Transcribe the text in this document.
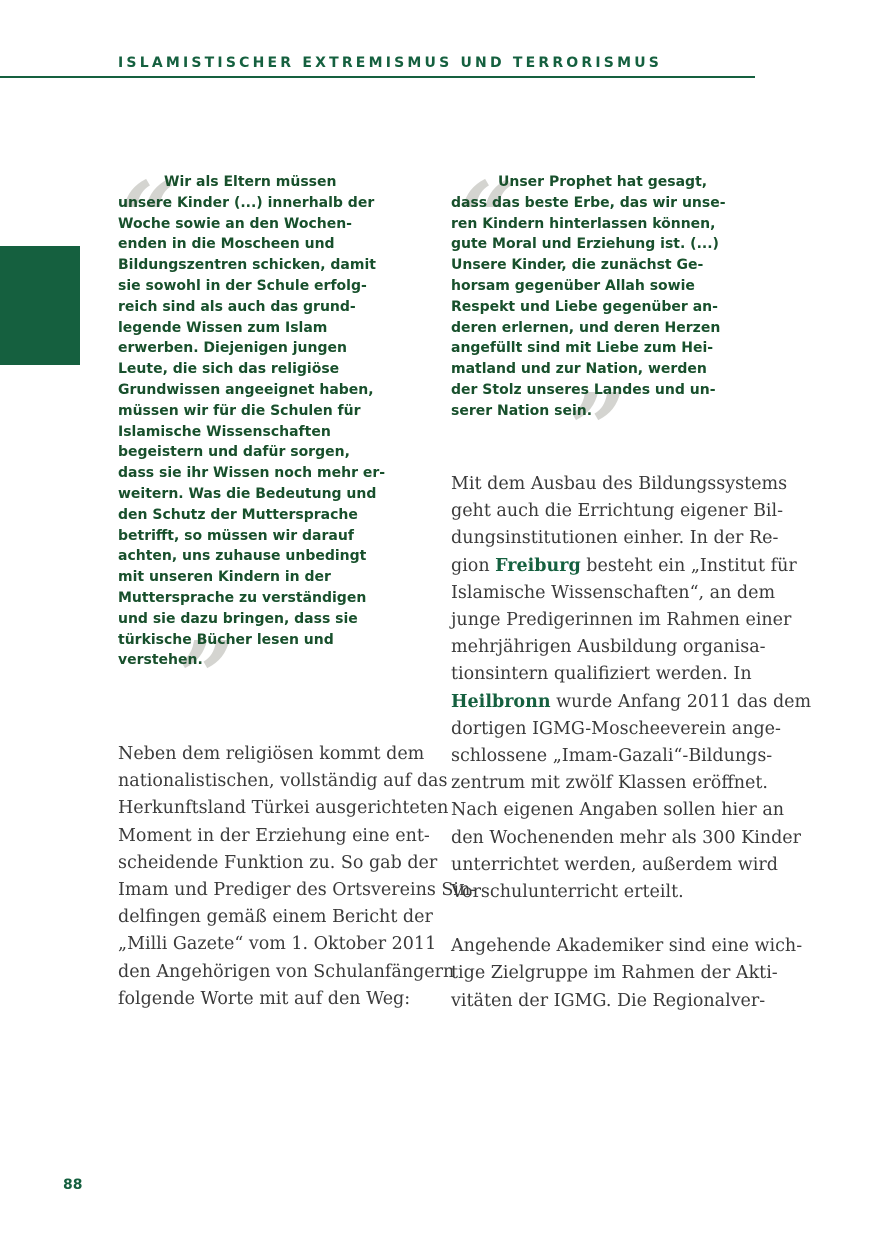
ISLAMISTISCHER EXTREMISMUS UND TERRORISMUS
“
Wir als Eltern müssen
unsere Kinder (...) innerhalb der
Woche sowie an den Wochen-
enden in die Moscheen und
Bildungszentren schicken, damit
sie sowohl in der Schule erfolg-
reich sind als auch das grund-
legende Wissen zum Islam
erwerben. Diejenigen jungen
Leute, die sich das religiöse
Grundwissen angeeignet haben,
müssen wir für die Schulen für
Islamische Wissenschaften
begeistern und dafür sorgen,
dass sie ihr Wissen noch mehr er-
weitern. Was die Bedeutung und
den Schutz der Muttersprache
betrifft, so müssen wir darauf
achten, uns zuhause unbedingt
mit unseren Kindern in der
Muttersprache zu verständigen
und sie dazu bringen, dass sie
türkische Bücher lesen und
verstehen.
”
“
Unser Prophet hat gesagt,
dass das beste Erbe, das wir unse-
ren Kindern hinterlassen können,
gute Moral und Erziehung ist. (...)
Unsere Kinder, die zunächst Ge-
horsam gegenüber Allah sowie
Respekt und Liebe gegenüber an-
deren erlernen, und deren Herzen
angefüllt sind mit Liebe zum Hei-
matland und zur Nation, werden
der Stolz unseres Landes und un-
serer Nation sein.
”
Neben dem religiösen kommt dem
nationalistischen, vollständig auf das
Herkunftsland Türkei ausgerichteten
Moment in der Erziehung eine ent-
scheidende Funktion zu. So gab der
Imam und Prediger des Ortsvereins Sin-
delfingen gemäß einem Bericht der
„Milli Gazete“ vom 1. Oktober 2011
den Angehörigen von Schulanfängern
folgende Worte mit auf den Weg:
Mit dem Ausbau des Bildungssystems
geht auch die Errichtung eigener Bil-
dungsinstitutionen einher. In der Re-
gion Freiburg besteht ein „Institut für
Islamische Wissenschaften“, an dem
junge Predigerinnen im Rahmen einer
mehrjährigen Ausbildung organisa-
tionsintern qualifiziert werden. In
Heilbronn wurde Anfang 2011 das dem
dortigen IGMG-Moscheeverein ange-
schlossene „Imam-Gazali“-Bildungs-
zentrum mit zwölf Klassen eröffnet.
Nach eigenen Angaben sollen hier an
den Wochenenden mehr als 300 Kinder
unterrichtet werden, außerdem wird
Vorschulunterricht erteilt.
Angehende Akademiker sind eine wich-
tige Zielgruppe im Rahmen der Akti-
vitäten der IGMG. Die Regionalver-
88
